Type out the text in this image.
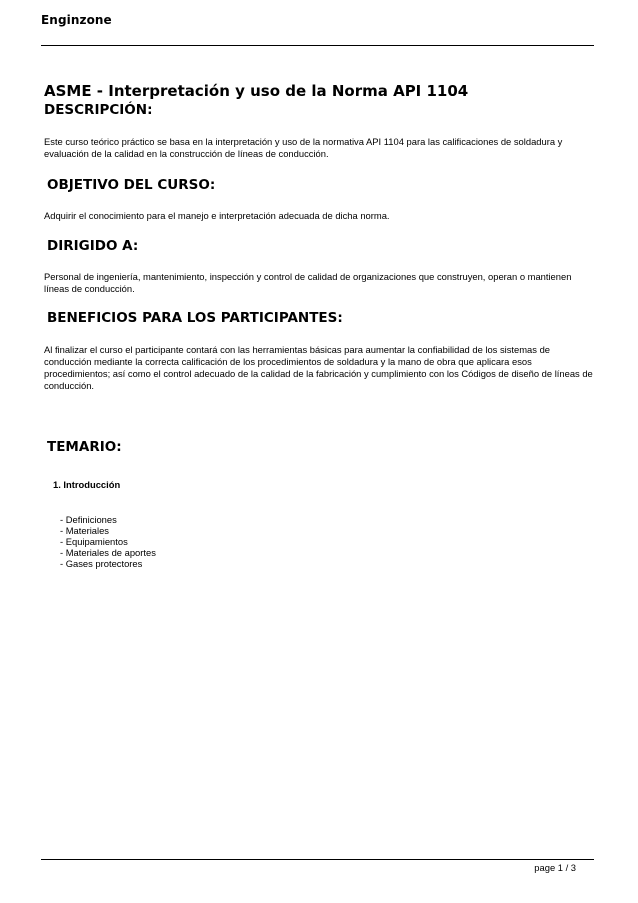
Enginzone
ASME - Interpretación y uso de la Norma API 1104
DESCRIPCIÓN:

Este curso teórico práctico se basa en la interpretación y uso de la normativa API 1104 para las calificaciones de soldadura y evaluación de la calidad en la construcción de líneas de conducción.

OBJETIVO DEL CURSO:

Adquirir el conocimiento para el manejo e interpretación adecuada de dicha norma.

DIRIGIDO A:

Personal de ingeniería, mantenimiento, inspección y control de calidad de organizaciones que construyen, operan o mantienen líneas de conducción.

BENEFICIOS PARA LOS PARTICIPANTES:

Al finalizar el curso el participante contará con las herramientas básicas para aumentar la confiabilidad de los sistemas de conducción mediante la correcta calificación de los procedimientos de soldadura y la mano de obra que aplicara esos procedimientos; así como el control adecuado de la calidad de la fabricación y cumplimiento con los Códigos de diseño de líneas de conducción.

TEMARIO:
1. Introducción
- Definiciones
- Materiales
- Equipamientos
- Materiales de aportes
- Gases protectores
page 1 / 3
